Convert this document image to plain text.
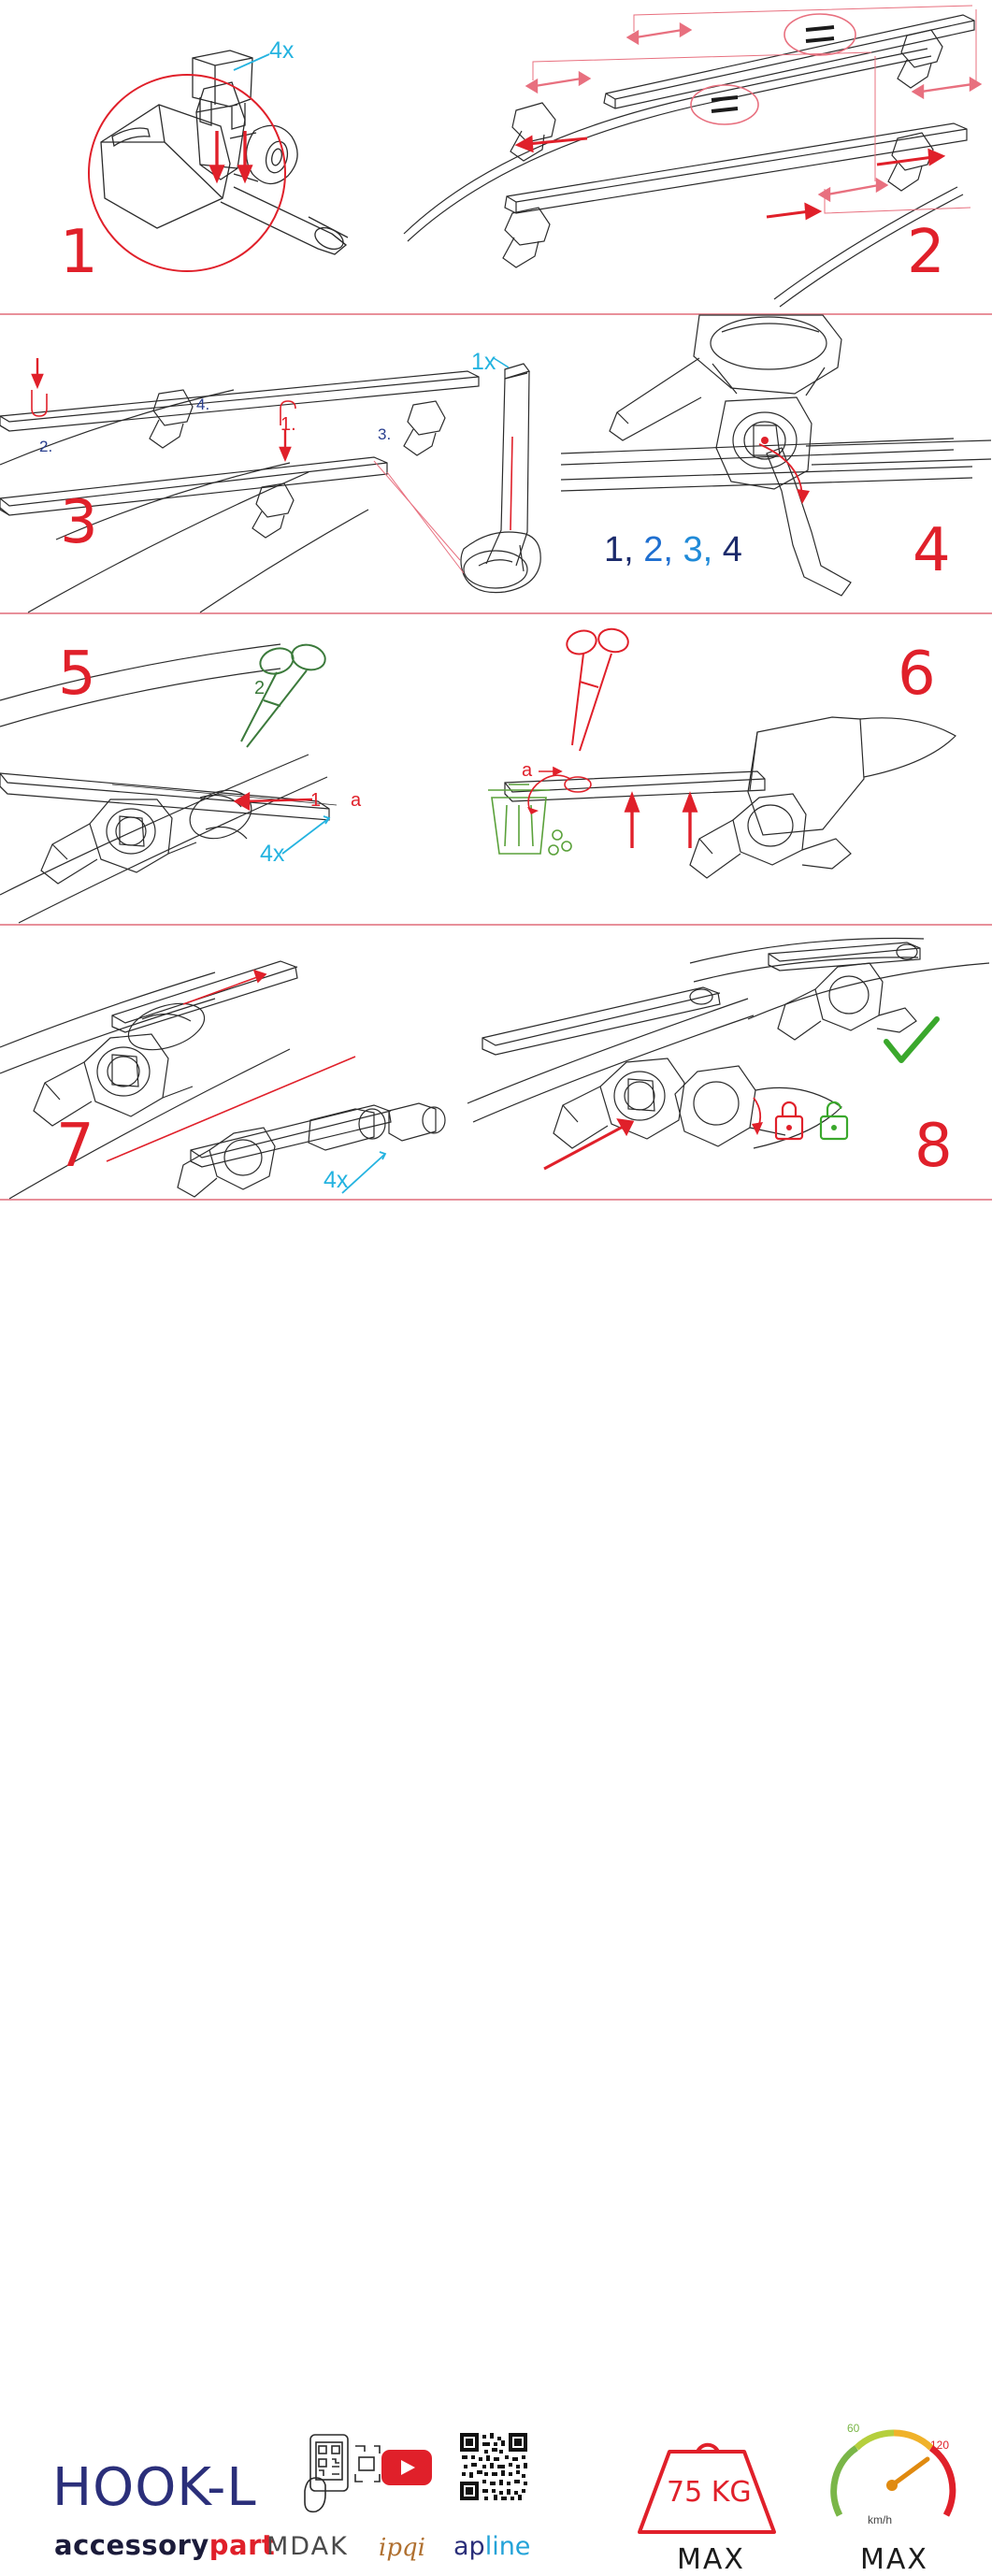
4x
1	2
3
1.
2.
3.
4.
1x
1, 2, 3, 4	4
5
1
2
a
4x
a
6
7	4x	8
HOOK-L
accessorypart
MDAK ipqi apline
75 KG
MAX
60
120
km/h
MAX
